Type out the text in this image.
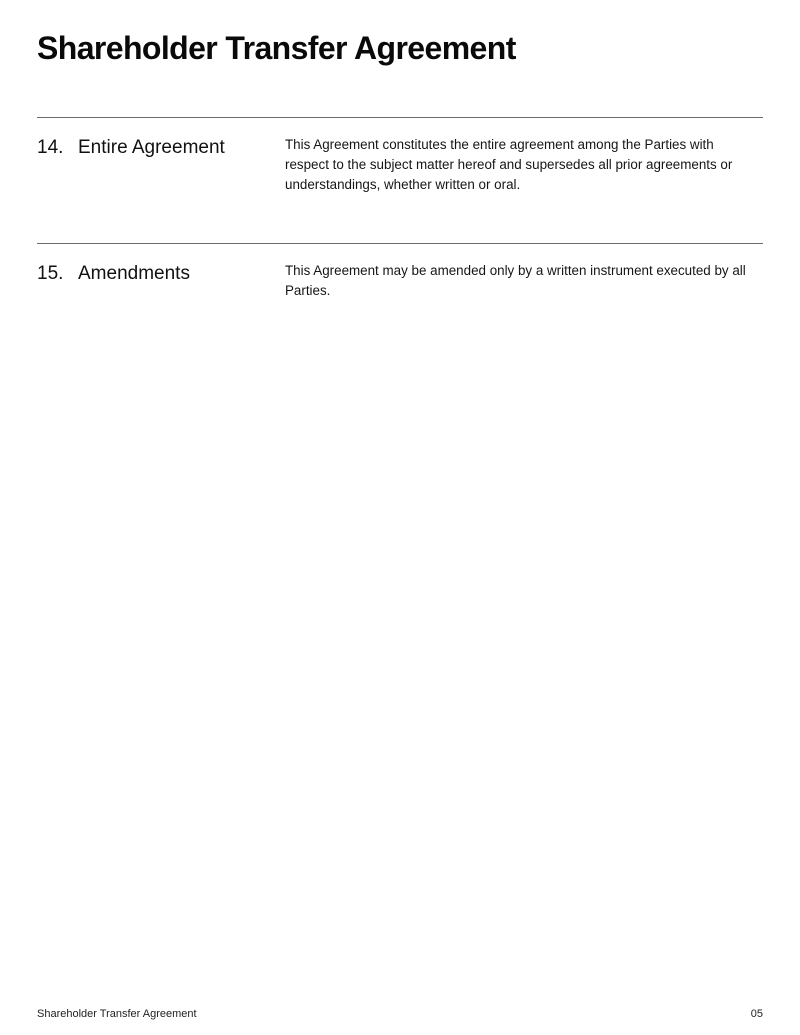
Shareholder Transfer Agreement
14. Entire Agreement	This Agreement constitutes the entire agreement among the Parties with respect to the subject matter hereof and supersedes all prior agreements or understandings, whether written or oral.

15. Amendments	This Agreement may be amended only by a written instrument executed by all Parties.

Shareholder Transfer Agreement	05
